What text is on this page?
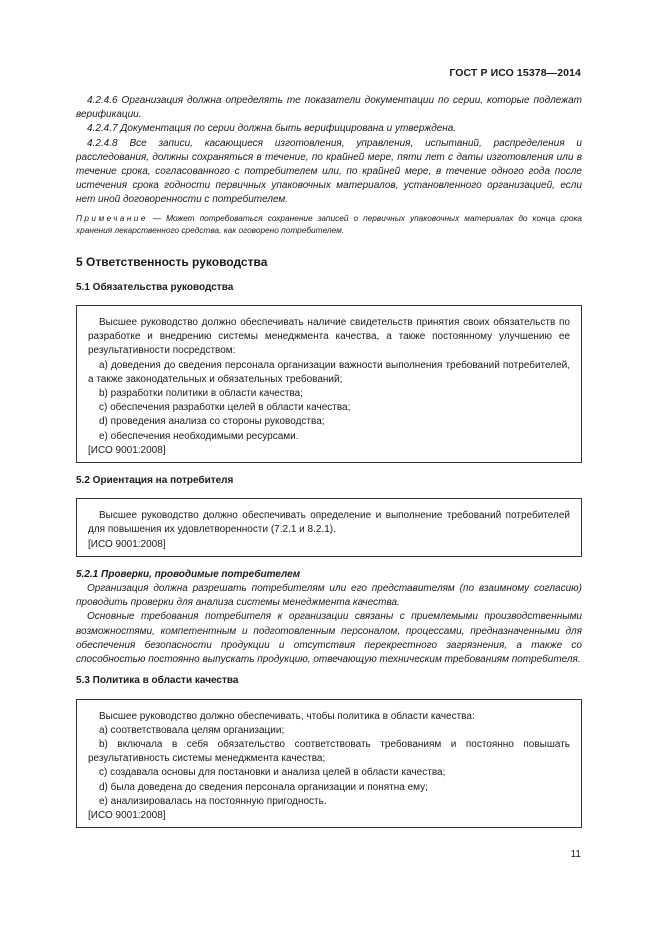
ГОСТ Р ИСО 15378—2014

4.2.4.6 Организация должна определять те показатели документации по серии, которые подлежат верификации.

4.2.4.7 Документация по серии должна быть верифицирована и утверждена.

4.2.4.8 Все записи, касающиеся изготовления, управления, испытаний, распределения и расследования, должны сохраняться в течение, по крайней мере, пяти лет с даты изготовления или в течение срока, согласованного с потребителем или, по крайней мере, в течение одного года после истечения срока годности первичных упаковочных материалов, установленного организацией, если нет иной договоренности с потребителем.

Примечание — Может потребоваться сохранение записей о первичных упаковочных материалах до конца срока хранения лекарственного средства, как оговорено потребителем.
5 Ответственность руководства
5.1 Обязательства руководства

Высшее руководство должно обеспечивать наличие свидетельств принятия своих обязательств по разработке и внедрению системы менеджмента качества, а также постоянному улучшению ее результативности посредством:

a) доведения до сведения персонала организации важности выполнения требований потребителей, а также законодательных и обязательных требований;

b) разработки политики в области качества;

c) обеспечения разработки целей в области качества;

d) проведения анализа со стороны руководства;

e) обеспечения необходимыми ресурсами.

[ИСО 9001:2008]

5.2 Ориентация на потребителя

Высшее руководство должно обеспечивать определение и выполнение требований потребителей для повышения их удовлетворенности (7.2.1 и 8.2.1).

[ИСО 9001:2008]

5.2.1 Проверки, проводимые потребителем

Организация должна разрешать потребителям или его представителям (по взаимному согласию) проводить проверки для анализа системы менеджмента качества.

Основные требования потребителя к организации связаны с приемлемыми производственными возможностями, компетентным и подготовленным персоналом, процессами, предназначенными для обеспечения безопасности продукции и отсутствия перекрестного загрязнения, а также со способностью постоянно выпускать продукцию, отвечающую техническим требованиям потребителя.

5.3 Политика в области качества

Высшее руководство должно обеспечивать, чтобы политика в области качества:

a) соответствовала целям организации;

b) включала в себя обязательство соответствовать требованиям и постоянно повышать результативность системы менеджмента качества;

c) создавала основы для постановки и анализа целей в области качества;

d) была доведена до сведения персонала организации и понятна ему;

e) анализировалась на постоянную пригодность.

[ИСО 9001:2008]

11
